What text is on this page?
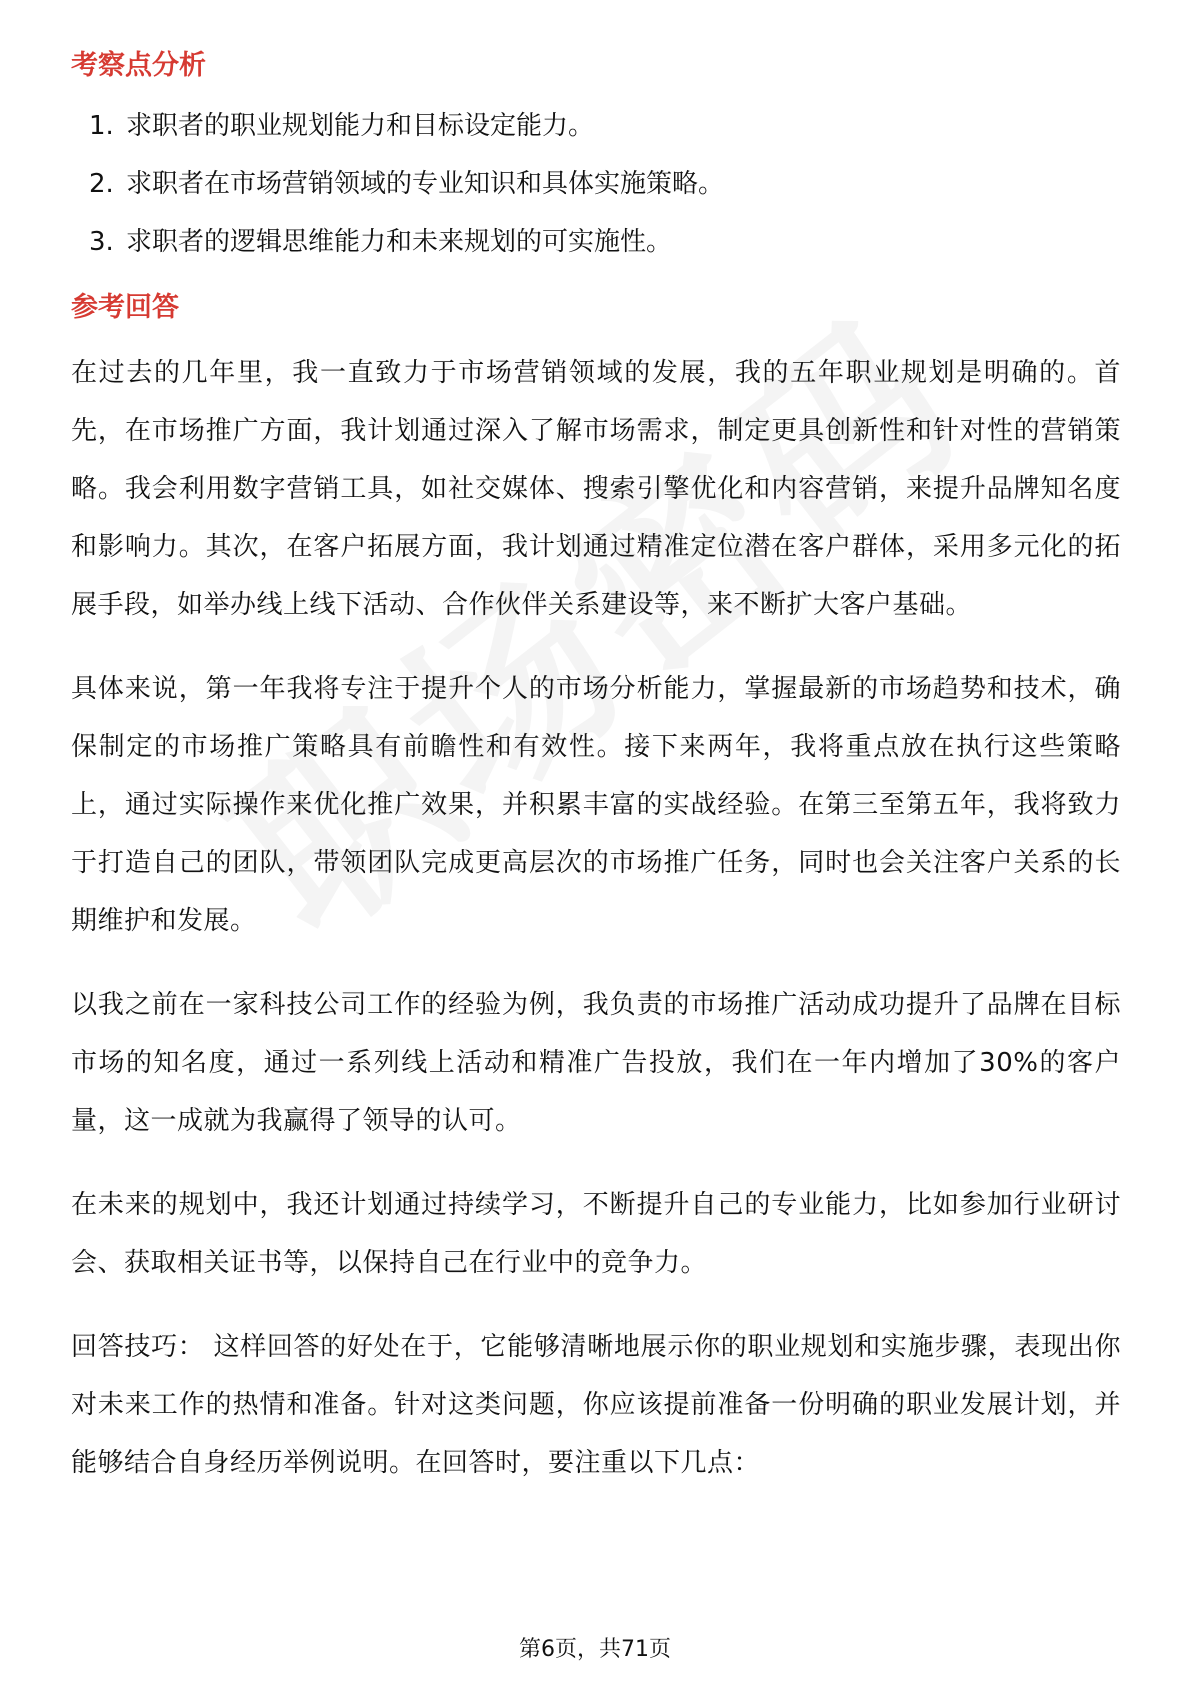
考察点分析
1. 求职者的职业规划能力和目标设定能力。
2. 求职者在市场营销领域的专业知识和具体实施策略。
3. 求职者的逻辑思维能力和未来规划的可实施性。
参考回答

在过去的几年里，我一直致力于市场营销领域的发展，我的五年职业规划是明确的。首先，在市场推广方面，我计划通过深入了解市场需求，制定更具创新性和针对性的营销策略。我会利用数字营销工具，如社交媒体、搜索引擎优化和内容营销，来提升品牌知名度和影响力。其次，在客户拓展方面，我计划通过精准定位潜在客户群体，采用多元化的拓展手段，如举办线上线下活动、合作伙伴关系建设等，来不断扩大客户基础。

具体来说，第一年我将专注于提升个人的市场分析能力，掌握最新的市场趋势和技术，确保制定的市场推广策略具有前瞻性和有效性。接下来两年，我将重点放在执行这些策略上，通过实际操作来优化推广效果，并积累丰富的实战经验。在第三至第五年，我将致力于打造自己的团队，带领团队完成更高层次的市场推广任务，同时也会关注客户关系的长期维护和发展。

以我之前在一家科技公司工作的经验为例，我负责的市场推广活动成功提升了品牌在目标市场的知名度，通过一系列线上活动和精准广告投放，我们在一年内增加了30%的客户量，这一成就为我赢得了领导的认可。

在未来的规划中，我还计划通过持续学习，不断提升自己的专业能力，比如参加行业研讨会、获取相关证书等，以保持自己在行业中的竞争力。

回答技巧： 这样回答的好处在于，它能够清晰地展示你的职业规划和实施步骤，表现出你对未来工作的热情和准备。针对这类问题，你应该提前准备一份明确的职业发展计划，并能够结合自身经历举例说明。在回答时，要注重以下几点：

第6页，共71页
